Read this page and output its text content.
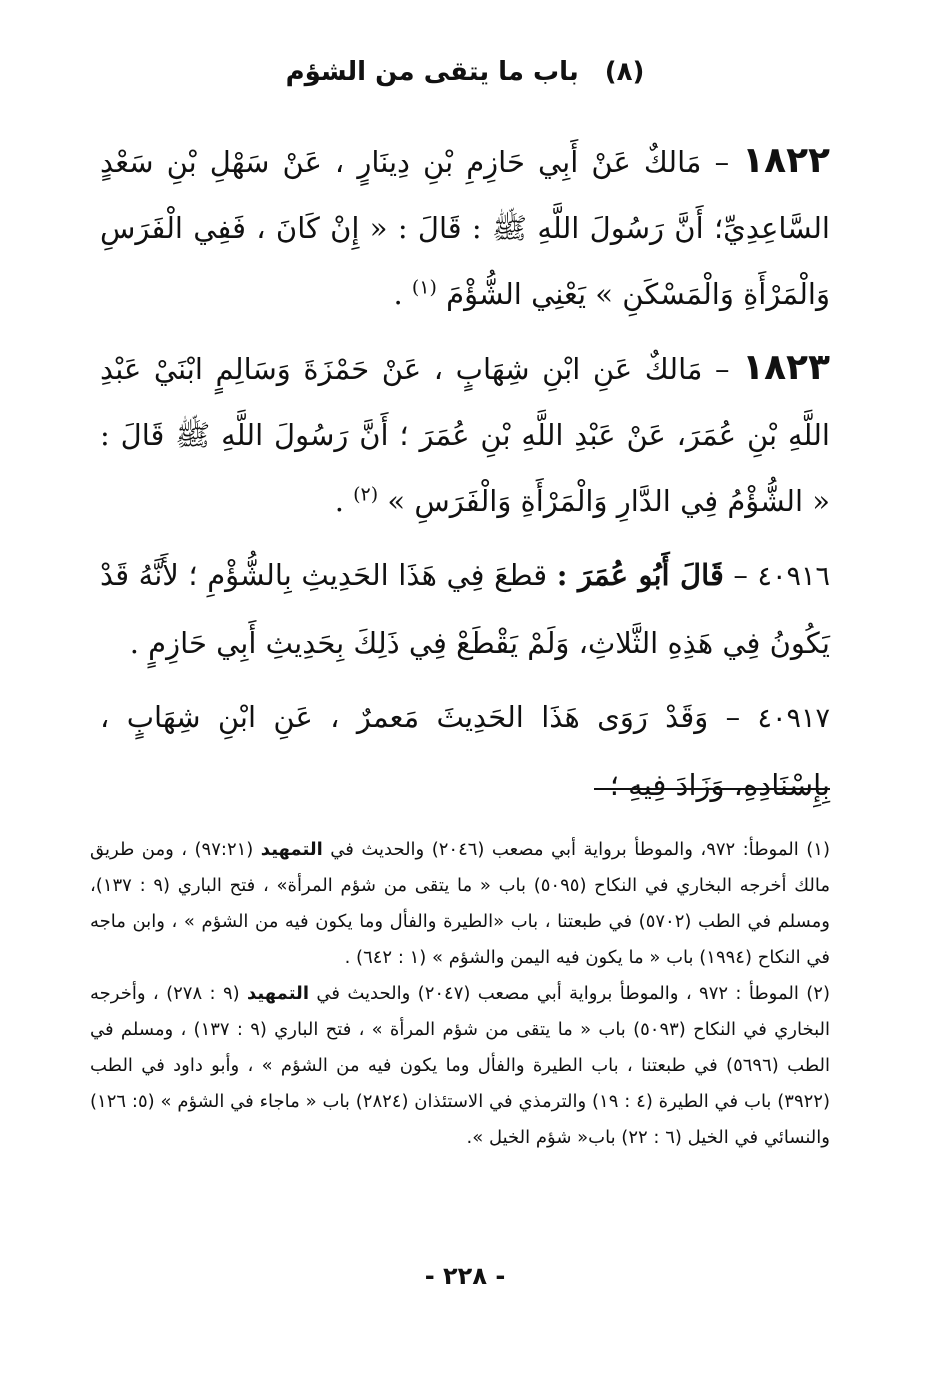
(٨)باب ما يتقى من الشؤم

١٨٢٢ – مَالكٌ عَنْ أَبِي حَازِمِ بْنِ دِينَارٍ ، عَنْ سَهْلِ بْنِ سَعْدٍ السَّاعِدِيِّ؛ أَنَّ رَسُولَ اللَّهِ ﷺ : قَالَ : « إِنْ كَانَ ، فَفِي الْفَرَسِ وَالْمَرْأَةِ وَالْمَسْكَنِ » يَعْنِي الشُّؤْمَ $^{(١)}$ .

١٨٢٣ – مَالكٌ عَنِ ابْنِ شِهَابٍ ، عَنْ حَمْزَةَ وَسَالِمٍ ابْنَيْ عَبْدِ اللَّهِ بْنِ عُمَرَ، عَنْ عَبْدِ اللَّهِ بْنِ عُمَرَ ؛ أَنَّ رَسُولَ اللَّهِ ﷺ قَالَ : « الشُّؤْمُ فِي الدَّارِ وَالْمَرْأَةِ وَالْفَرَسِ » $^{(٢)}$ .

٤٠٩١٦ – قَالَ أَبُو عُمَرَ : قطعَ فِي هَذَا الحَدِيثِ بِالشُّؤْمِ ؛ لأَنَّهُ قَدْ يَكُونُ فِي هَذِهِ الثَّلاثِ، وَلَمْ يَقْطَعْ فِي ذَلِكَ بِحَدِيثِ أَبِي حَازِمٍ .

٤٠٩١٧ – وَقَدْ رَوَى هَذَا الحَدِيثَ مَعمرٌ ، عَنِ ابْنِ شِهَابٍ ، بِإِسْنَادِهِ، وَزَادَ فِيهِ ؛

(١) الموطأ: ٩٧٢، والموطأ برواية أبي مصعب (٢٠٤٦) والحديث في التمهيد (٩٧:٢١) ، ومن طريق مالك أخرجه البخاري في النكاح (٥٠٩٥) باب « ما يتقى من شؤم المرأة» ، فتح الباري (٩ : ١٣٧)، ومسلم في الطب (٥٧٠٢) في طبعتنا ، باب «الطيرة والفأل وما يكون فيه من الشؤم » ، وابن ماجه في النكاح (١٩٩٤) باب « ما يكون فيه اليمن والشؤم » (١ : ٦٤٢) .

(٢) الموطأ : ٩٧٢ ، والموطأ برواية أبي مصعب (٢٠٤٧) والحديث في التمهيد (٩ : ٢٧٨) ، وأخرجه البخاري في النكاح (٥٠٩٣) باب « ما يتقى من شؤم المرأة » ، فتح الباري (٩ : ١٣٧) ، ومسلم في الطب (٥٦٩٦) في طبعتنا ، باب الطيرة والفأل وما يكون فيه من الشؤم » ، وأبو داود في الطب (٣٩٢٢) باب في الطيرة (٤ : ١٩) والترمذي في الاستئذان (٢٨٢٤) باب « ماجاء في الشؤم » (٥: ١٢٦) والنسائي في الخيل (٦ : ٢٢) باب« شؤم الخيل ».

- ٢٢٨ -
